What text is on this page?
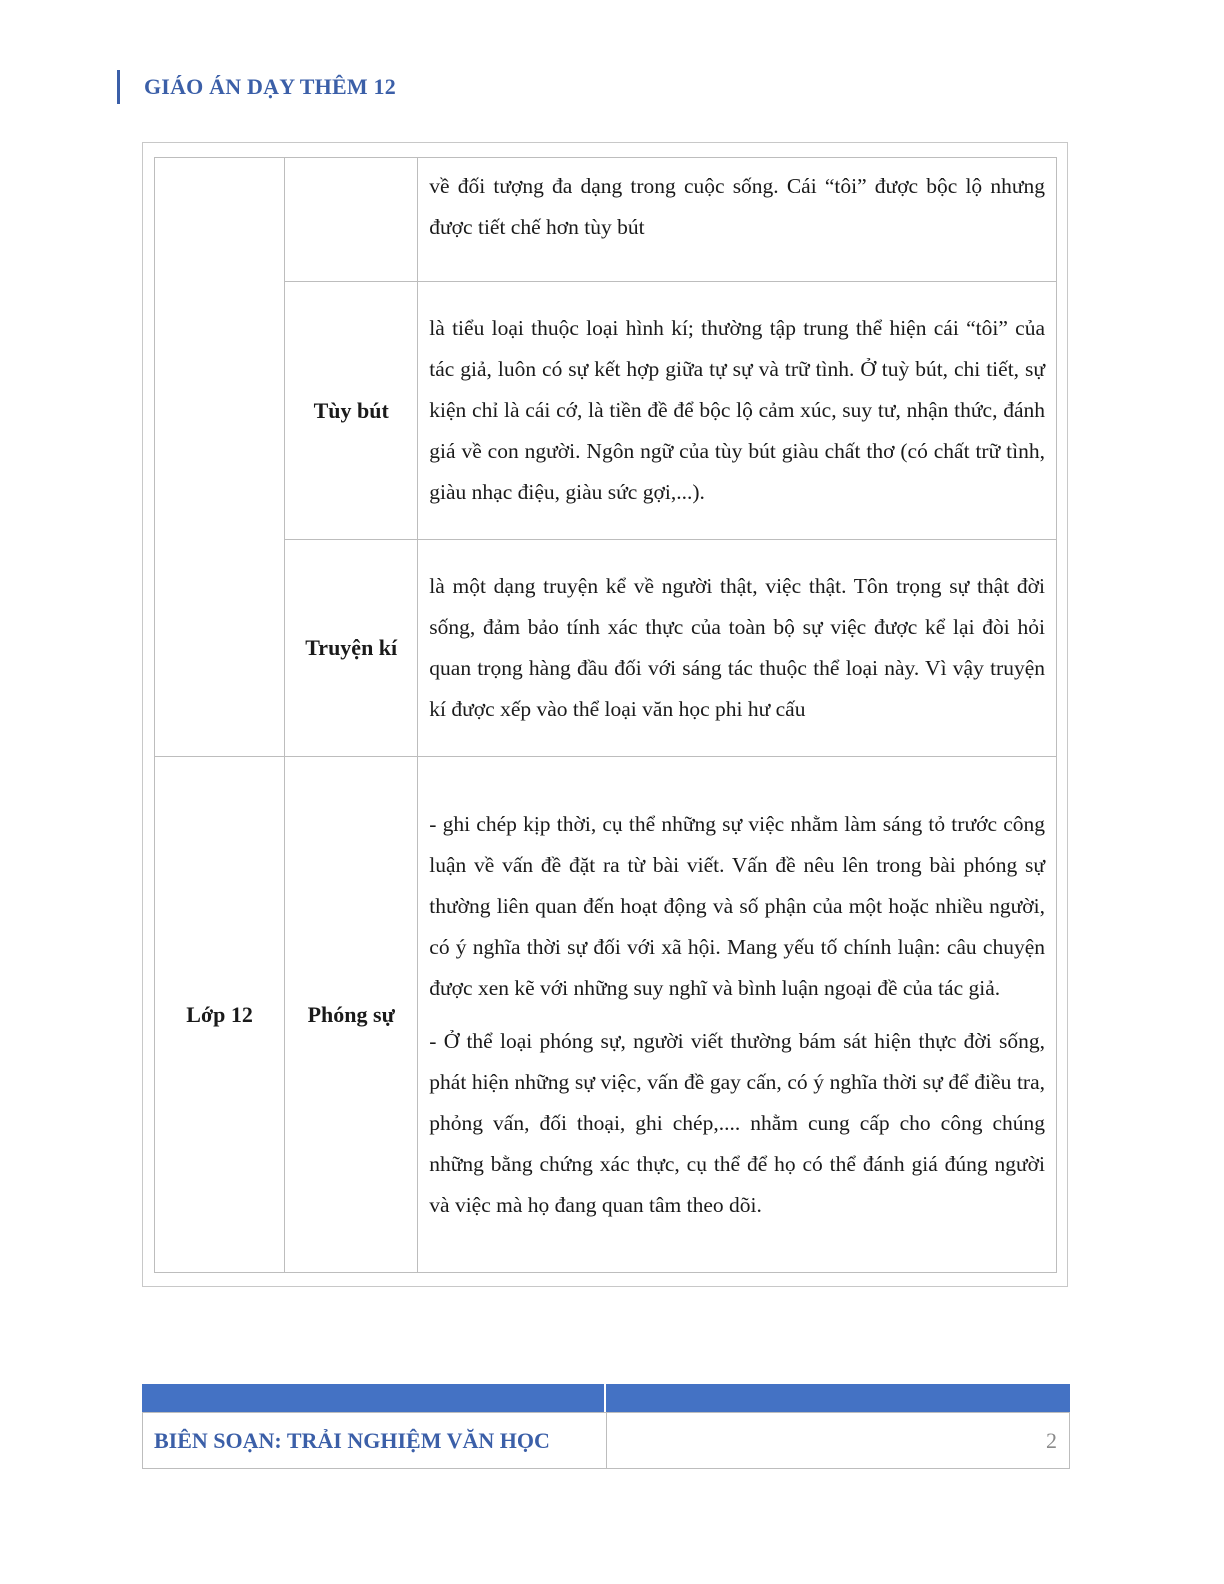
GIÁO ÁN DẠY THÊM 12

		về đối tượng đa dạng trong cuộc sống. Cái “tôi” được bộc lộ nhưng được tiết chế hơn tùy bút

	Tùy bút	là tiểu loại thuộc loại hình kí; thường tập trung thể hiện cái “tôi” của tác giả, luôn có sự kết hợp giữa tự sự và trữ tình. Ở tuỳ bút, chi tiết, sự kiện chỉ là cái cớ, là tiền đề để bộc lộ cảm xúc, suy tư, nhận thức, đánh giá về con người. Ngôn ngữ của tùy bút giàu chất thơ (có chất trữ tình, giàu nhạc điệu, giàu sức gợi,...).

	Truyện kí	là một dạng truyện kể về người thật, việc thật. Tôn trọng sự thật đời sống, đảm bảo tính xác thực của toàn bộ sự việc được kể lại đòi hỏi quan trọng hàng đầu đối với sáng tác thuộc thể loại này. Vì vậy truyện kí được xếp vào thể loại văn học phi hư cấu

Lớp 12	Phóng sự	- ghi chép kịp thời, cụ thể những sự việc nhằm làm sáng tỏ trước công luận về vấn đề đặt ra từ bài viết. Vấn đề nêu lên trong bài phóng sự thường liên quan đến hoạt động và số phận của một hoặc nhiều người, có ý nghĩa thời sự đối với xã hội. Mang yếu tố chính luận: câu chuyện được xen kẽ với những suy nghĩ và bình luận ngoại đề của tác giả.

- Ở thể loại phóng sự, người viết thường bám sát hiện thực đời sống, phát hiện những sự việc, vấn đề gay cấn, có ý nghĩa thời sự để điều tra, phỏng vấn, đối thoại, ghi chép,.... nhằm cung cấp cho công chúng những bằng chứng xác thực, cụ thể để họ có thể đánh giá đúng người và việc mà họ đang quan tâm theo dõi.

BIÊN SOẠN: TRẢI NGHIỆM VĂN HỌC	2
